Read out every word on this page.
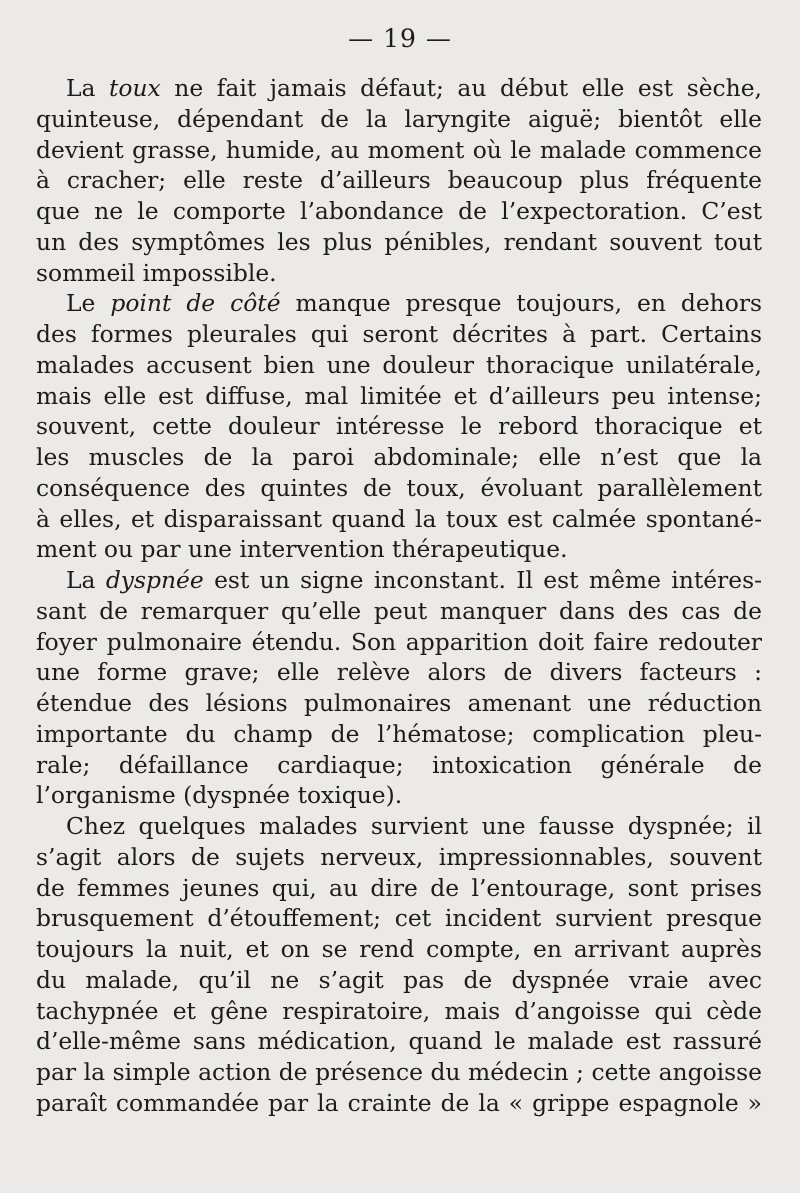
— 19 —
La toux ne fait jamais défaut; au début elle est sèche,
quinteuse, dépendant de la laryngite aiguë; bientôt elle
devient grasse, humide, au moment où le malade commence
à cracher; elle reste d’ailleurs beaucoup plus fréquente
que ne le comporte l’abondance de l’expectoration. C’est
un des symptômes les plus pénibles, rendant souvent tout
sommeil impossible.
Le point de côté manque presque toujours, en dehors
des formes pleurales qui seront décrites à part. Certains
malades accusent bien une douleur thoracique unilatérale,
mais elle est diffuse, mal limitée et d’ailleurs peu intense;
souvent, cette douleur intéresse le rebord thoracique et
les muscles de la paroi abdominale; elle n’est que la
conséquence des quintes de toux, évoluant parallèlement
à elles, et disparaissant quand la toux est calmée spontané-
ment ou par une intervention thérapeutique.
La dyspnée est un signe inconstant. Il est même intéres-
sant de remarquer qu’elle peut manquer dans des cas de
foyer pulmonaire étendu. Son apparition doit faire redouter
une forme grave; elle relève alors de divers facteurs :
étendue des lésions pulmonaires amenant une réduction
importante du champ de l’hématose; complication pleu-
rale; défaillance cardiaque; intoxication générale de
l’organisme (dyspnée toxique).
Chez quelques malades survient une fausse dyspnée; il
s’agit alors de sujets nerveux, impressionnables, souvent
de femmes jeunes qui, au dire de l’entourage, sont prises
brusquement d’étouffement; cet incident survient presque
toujours la nuit, et on se rend compte, en arrivant auprès
du malade, qu’il ne s’agit pas de dyspnée vraie avec
tachypnée et gêne respiratoire, mais d’angoisse qui cède
d’elle-même sans médication, quand le malade est rassuré
par la simple action de présence du médecin ; cette angoisse
paraît commandée par la crainte de la « grippe espagnole »
